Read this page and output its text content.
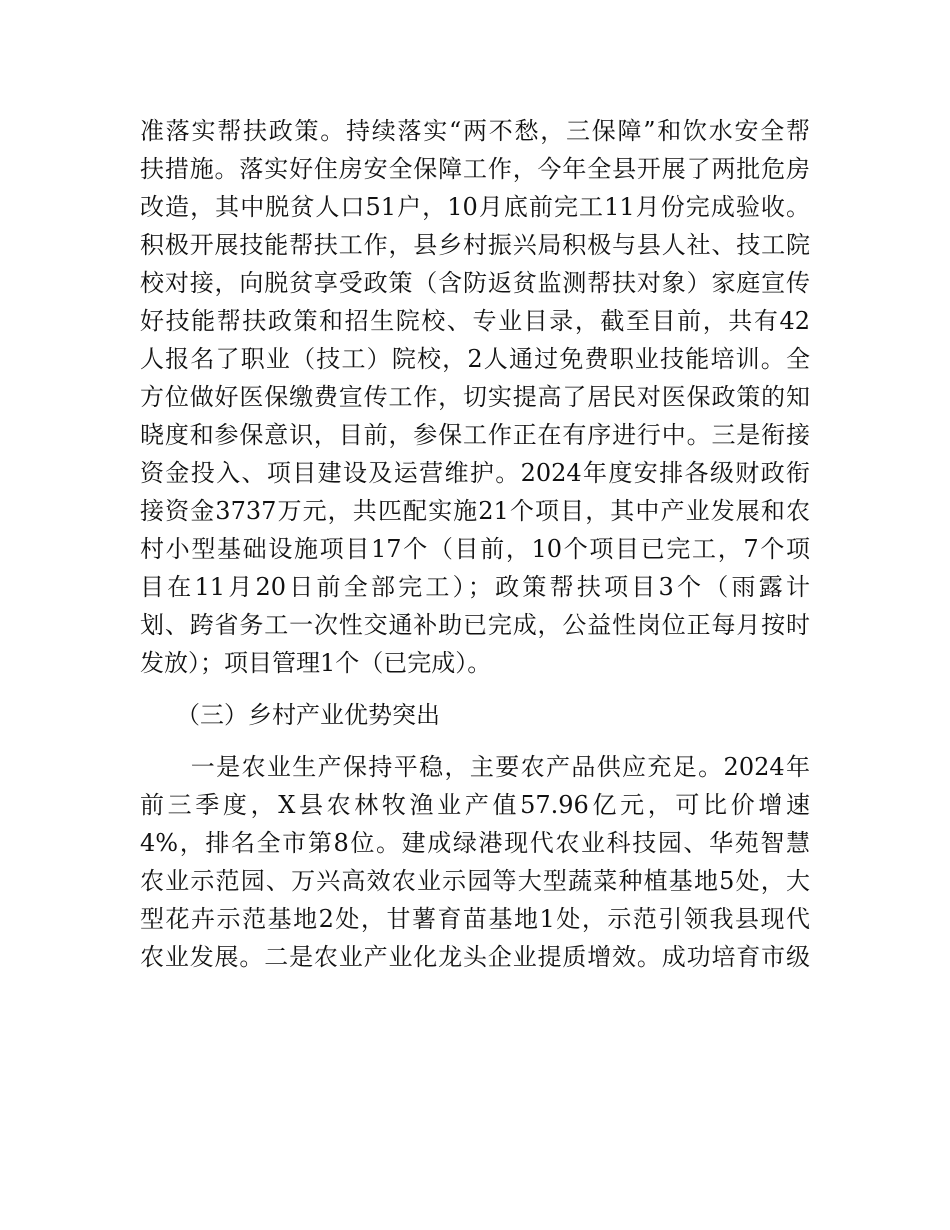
准落实帮扶政策。持续落实“两不愁，三保障”和饮水安全帮
扶措施。落实好住房安全保障工作，今年全县开展了两批危房
改造，其中脱贫人口51户，10月底前完工11月份完成验收。
积极开展技能帮扶工作，县乡村振兴局积极与县人社、技工院
校对接，向脱贫享受政策（含防返贫监测帮扶对象）家庭宣传
好技能帮扶政策和招生院校、专业目录，截至目前，共有42
人报名了职业（技工）院校，2人通过免费职业技能培训。全
方位做好医保缴费宣传工作，切实提高了居民对医保政策的知
晓度和参保意识，目前，参保工作正在有序进行中。三是衔接
资金投入、项目建设及运营维护。2024年度安排各级财政衔
接资金3737万元，共匹配实施21个项目，其中产业发展和农
村小型基础设施项目17个（目前，10个项目已完工，7个项
目在11月20日前全部完工）；政策帮扶项目3个（雨露计
划、跨省务工一次性交通补助已完成，公益性岗位正每月按时
发放）；项目管理1个（已完成）。
　　（三）乡村产业优势突出
　　一是农业生产保持平稳，主要农产品供应充足。2024年
前三季度，X县农林牧渔业产值57.96亿元，可比价增速
4%，排名全市第8位。建成绿港现代农业科技园、华苑智慧
农业示范园、万兴高效农业示园等大型蔬菜种植基地5处，大
型花卉示范基地2处，甘薯育苗基地1处，示范引领我县现代
农业发展。二是农业产业化龙头企业提质增效。成功培育市级
